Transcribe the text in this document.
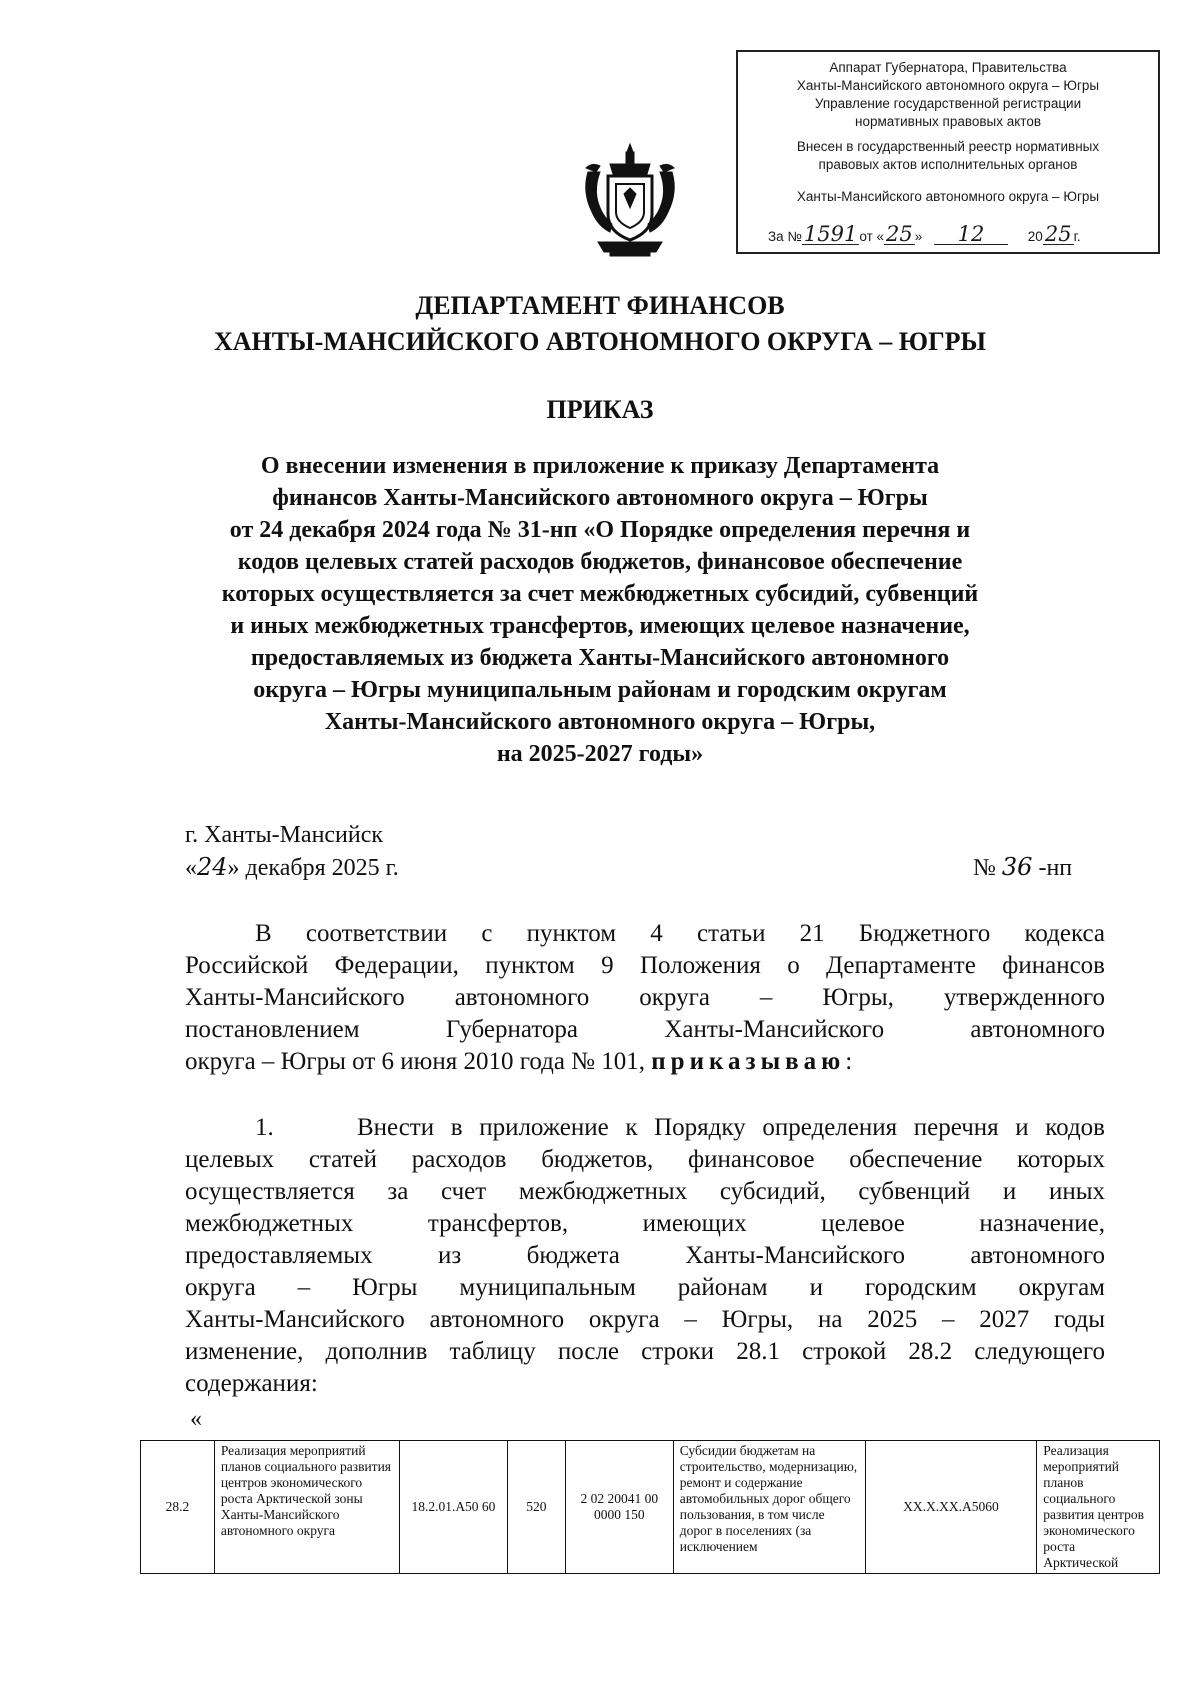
Аппарат Губернатора, Правительства
Ханты-Мансийского автономного округа – Югры
Управление государственной регистрации
нормативных правовых актов
Внесен в государственный реестр нормативных
правовых актов исполнительных органов
Ханты-Мансийского автономного округа – Югры
За №1591 от «25 » 12	2025 г.
ДЕПАРТАМЕНТ ФИНАНСОВ
ХАНТЫ-МАНСИЙСКОГО АВТОНОМНОГО ОКРУГА – ЮГРЫ
ПРИКАЗ
О внесении изменения в приложение к приказу Департамента
финансов Ханты-Мансийского автономного округа – Югры
от 24 декабря 2024 года № 31-нп «О Порядке определения перечня и
кодов целевых статей расходов бюджетов, финансовое обеспечение
которых осуществляется за счет межбюджетных субсидий, субвенций
и иных межбюджетных трансфертов, имеющих целевое назначение,
предоставляемых из бюджета Ханты-Мансийского автономного
округа – Югры муниципальным районам и городским округам
Ханты-Мансийского автономного округа – Югры,
на 2025-2027 годы»
г. Ханты-Мансийск
«24» декабря 2025 г.	№ 36 -нп
В соответствии с пунктом 4 статьи 21 Бюджетного кодекса
Российской Федерации, пунктом 9 Положения о Департаменте финансов
Ханты-Мансийского автономного округа – Югры, утвержденного
постановлением Губернатора Ханты-Мансийского автономного
округа – Югры от 6 июня 2010 года № 101, приказываю:
1.     Внести в приложение к Порядку определения перечня и кодов
целевых статей расходов бюджетов, финансовое обеспечение которых
осуществляется за счет межбюджетных субсидий, субвенций и иных
межбюджетных трансфертов, имеющих целевое назначение,
предоставляемых из бюджета Ханты-Мансийского автономного
округа – Югры муниципальным районам и городским округам
Ханты-Мансийского автономного округа – Югры, на 2025 – 2027 годы
изменение, дополнив таблицу после строки 28.1 строкой 28.2 следующего
содержания:
«
28.2	Реализация мероприятий планов социального развития центров экономического роста Арктической зоны Ханты-Мансийского автономного округа	18.2.01.А50 60	520	2 02 20041 00 0000 150	Субсидии бюджетам на строительство, модернизацию, ремонт и содержание автомобильных дорог общего пользования, в том числе дорог в поселениях (за исключением	ХХ.Х.ХХ.А5060	Реализация мероприятий планов социального развития центров экономического роста Арктической
